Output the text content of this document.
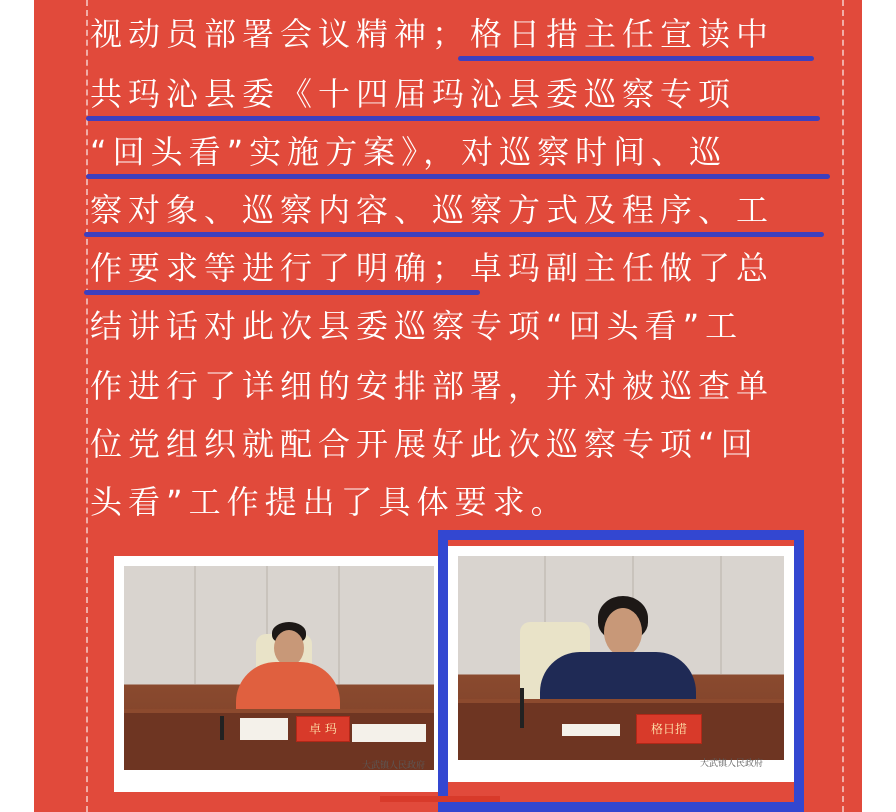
视动员部署会议精神；格日措主任宣读中
共玛沁县委《十四届玛沁县委巡察专项
“回头看”实施方案》，对巡察时间、巡
察对象、巡察内容、巡察方式及程序、工
作要求等进行了明确；卓玛副主任做了总
结讲话对此次县委巡察专项“回头看”工
作进行了详细的安排部署，并对被巡查单
位党组织就配合开展好此次巡察专项“回
头看”工作提出了具体要求。
卓 玛
大武镇人民政府
格日措
大武镇人民政府
